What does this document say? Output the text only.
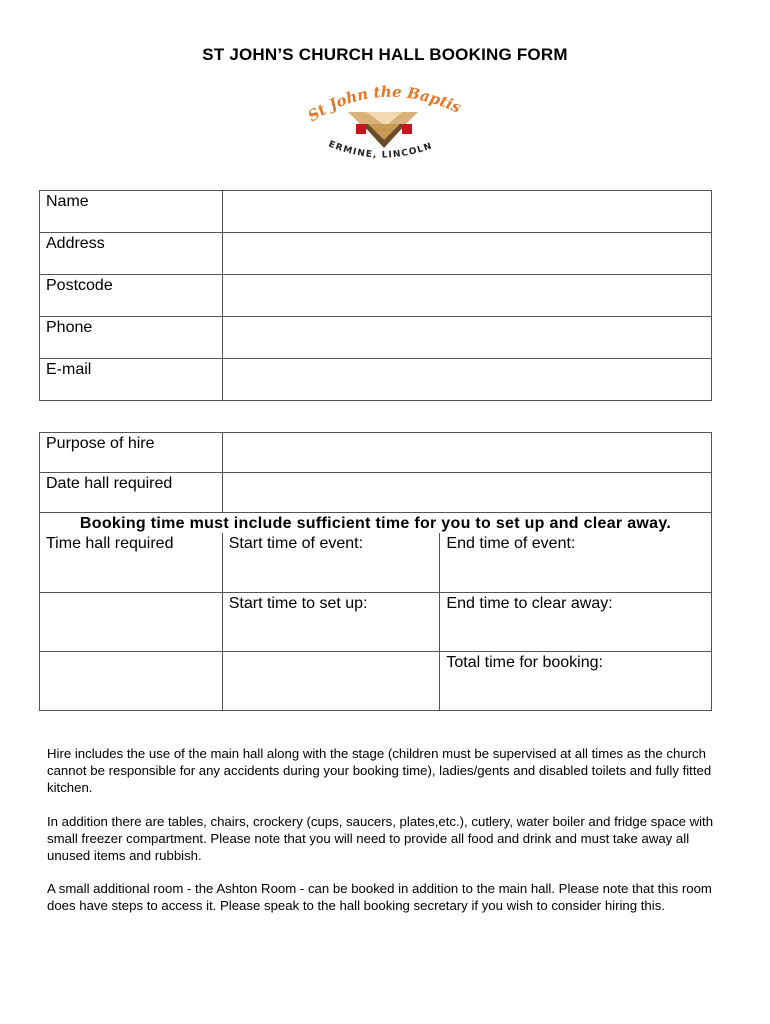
ST JOHN’S CHURCH HALL BOOKING FORM
St John the Baptis
ERMINE, LINCOLN
Name	
Address	
Postcode	
Phone	
E-mail	
Purpose of hire		
Date hall required		
Booking time must include sufficient time for you to set up and clear away.		
Time hall required	Start time of event:	End time of event:
	Start time to set up:	End time to clear away:
		Total time for booking:

Hire includes the use of the main hall along with the stage (children must be supervised at all times as the church cannot be responsible for any accidents during your booking time), ladies/gents and disabled toilets and fully fitted kitchen.

In addition there are tables, chairs, crockery (cups, saucers, plates,etc.), cutlery, water boiler and fridge space with small freezer compartment. Please note that you will need to provide all food and drink and must take away all unused items and rubbish.

A small additional room - the Ashton Room - can be booked in addition to the main hall. Please note that this room does have steps to access it. Please speak to the hall booking secretary if you wish to consider hiring this.
